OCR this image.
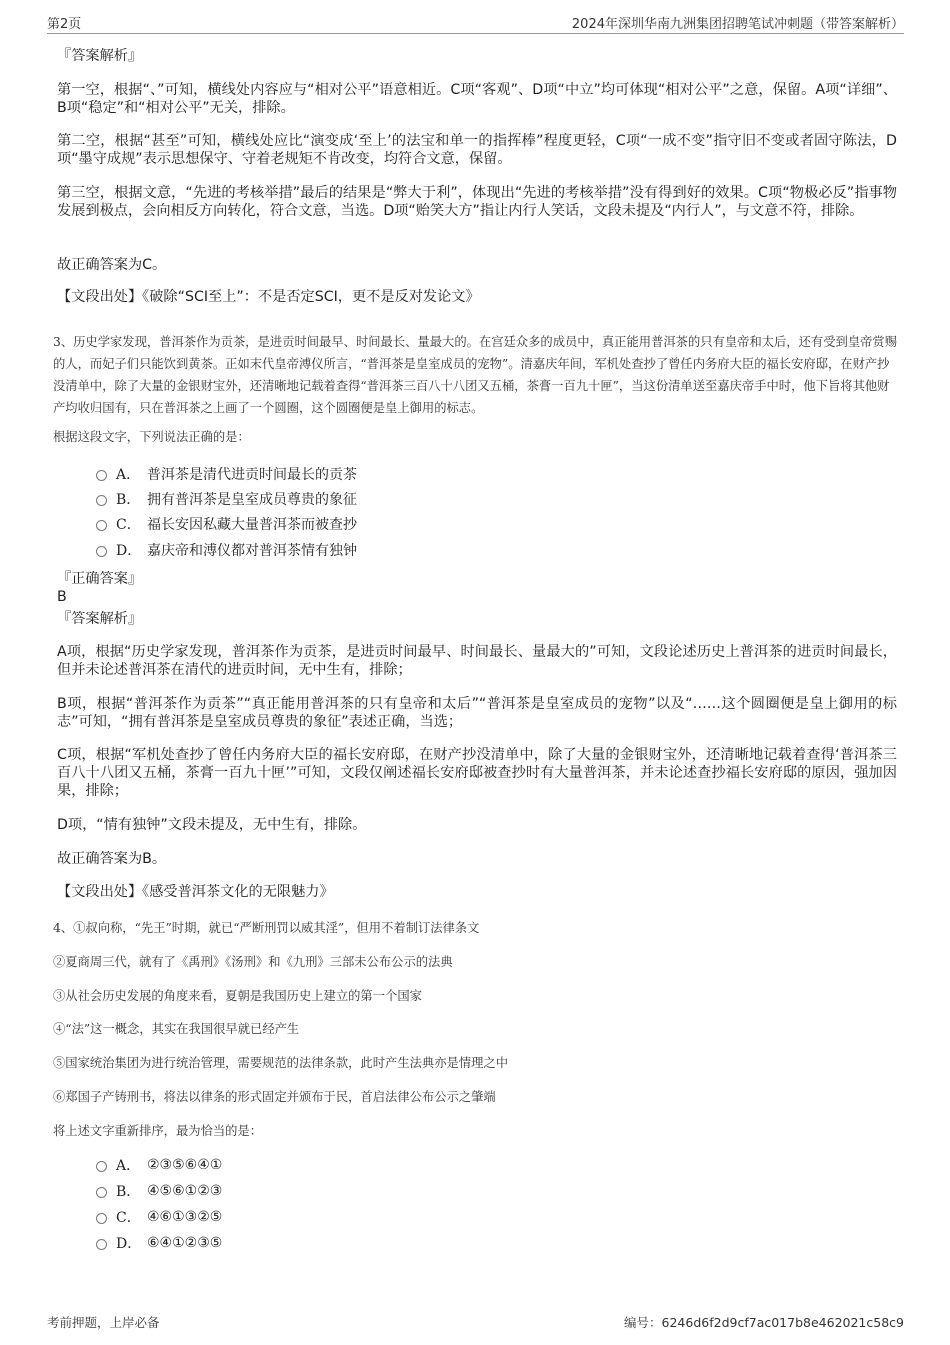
第2页	2024年深圳华南九洲集团招聘笔试冲刺题（带答案解析）

『答案解析』

第一空，根据“、”可知，横线处内容应与“相对公平”语意相近。C项“客观”、D项“中立”均可体现“相对公平”之意，保留。A项“详细”、B项“稳定”和“相对公平”无关，排除。

第二空，根据“甚至”可知，横线处应比“演变成‘至上’的法宝和单一的指挥棒”程度更轻，C项“一成不变”指守旧不变或者固守陈法，D项“墨守成规”表示思想保守、守着老规矩不肯改变，均符合文意，保留。

第三空，根据文意，“先进的考核举措”最后的结果是“弊大于利”，体现出“先进的考核举措”没有得到好的效果。C项“物极必反”指事物发展到极点，会向相反方向转化，符合文意，当选。D项“贻笑大方”指让内行人笑话，文段未提及“内行人”，与文意不符，排除。

故正确答案为C。

【文段出处】《破除“SCI至上”：不是否定SCI，更不是反对发论文》

3、历史学家发现，普洱茶作为贡茶，是进贡时间最早、时间最长、量最大的。在宫廷众多的成员中，真正能用普洱茶的只有皇帝和太后，还有受到皇帝赏赐的人，而妃子们只能饮到黄茶。正如末代皇帝溥仪所言，“普洱茶是皇室成员的宠物”。清嘉庆年间，军机处查抄了曾任内务府大臣的福长安府邸，在财产抄没清单中，除了大量的金银财宝外，还清晰地记载着查得“普洱茶三百八十八团又五桶，茶膏一百九十匣”，当这份清单送至嘉庆帝手中时，他下旨将其他财产均收归国有，只在普洱茶之上画了一个圆圈，这个圆圈便是皇上御用的标志。

根据这段文字，下列说法正确的是：

A． 普洱茶是清代进贡时间最长的贡茶
B． 拥有普洱茶是皇室成员尊贵的象征
C． 福长安因私藏大量普洱茶而被查抄
D． 嘉庆帝和溥仪都对普洱茶情有独钟

『正确答案』

B

『答案解析』

A项，根据“历史学家发现，普洱茶作为贡茶，是进贡时间最早、时间最长、量最大的”可知，文段论述历史上普洱茶的进贡时间最长，但并未论述普洱茶在清代的进贡时间，无中生有，排除；

B项，根据“普洱茶作为贡茶”“真正能用普洱茶的只有皇帝和太后”“普洱茶是皇室成员的宠物”以及“……这个圆圈便是皇上御用的标志”可知，“拥有普洱茶是皇室成员尊贵的象征”表述正确，当选；

C项，根据“军机处查抄了曾任内务府大臣的福长安府邸，在财产抄没清单中，除了大量的金银财宝外，还清晰地记载着查得‘普洱茶三百八十八团又五桶，茶膏一百九十匣’”可知，文段仅阐述福长安府邸被查抄时有大量普洱茶，并未论述查抄福长安府邸的原因，强加因果，排除；

D项，“情有独钟”文段未提及，无中生有，排除。

故正确答案为B。

【文段出处】《感受普洱茶文化的无限魅力》

4、①叔向称，“先王”时期，就已“严断刑罚以威其淫”，但用不着制订法律条文

②夏商周三代，就有了《禹刑》《汤刑》和《九刑》三部未公布公示的法典

③从社会历史发展的角度来看，夏朝是我国历史上建立的第一个国家

④“法”这一概念，其实在我国很早就已经产生

⑤国家统治集团为进行统治管理，需要规范的法律条款，此时产生法典亦是情理之中

⑥郑国子产铸刑书，将法以律条的形式固定并颁布于民，首启法律公布公示之肇端

将上述文字重新排序，最为恰当的是：

A． ②③⑤⑥④①
B． ④⑤⑥①②③
C． ④⑥①③②⑤
D． ⑥④①②③⑤
考前押题，上岸必备	编号：6246d6f2d9cf7ac017b8e462021c58c9
